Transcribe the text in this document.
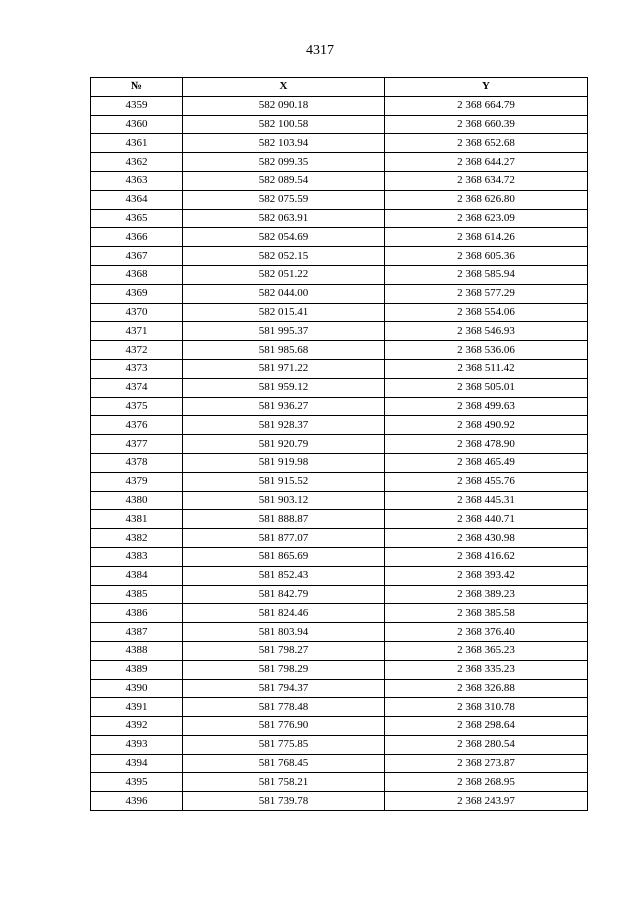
4317
№	X	Y
4359	582 090.18	2 368 664.79
4360	582 100.58	2 368 660.39
4361	582 103.94	2 368 652.68
4362	582 099.35	2 368 644.27
4363	582 089.54	2 368 634.72
4364	582 075.59	2 368 626.80
4365	582 063.91	2 368 623.09
4366	582 054.69	2 368 614.26
4367	582 052.15	2 368 605.36
4368	582 051.22	2 368 585.94
4369	582 044.00	2 368 577.29
4370	582 015.41	2 368 554.06
4371	581 995.37	2 368 546.93
4372	581 985.68	2 368 536.06
4373	581 971.22	2 368 511.42
4374	581 959.12	2 368 505.01
4375	581 936.27	2 368 499.63
4376	581 928.37	2 368 490.92
4377	581 920.79	2 368 478.90
4378	581 919.98	2 368 465.49
4379	581 915.52	2 368 455.76
4380	581 903.12	2 368 445.31
4381	581 888.87	2 368 440.71
4382	581 877.07	2 368 430.98
4383	581 865.69	2 368 416.62
4384	581 852.43	2 368 393.42
4385	581 842.79	2 368 389.23
4386	581 824.46	2 368 385.58
4387	581 803.94	2 368 376.40
4388	581 798.27	2 368 365.23
4389	581 798.29	2 368 335.23
4390	581 794.37	2 368 326.88
4391	581 778.48	2 368 310.78
4392	581 776.90	2 368 298.64
4393	581 775.85	2 368 280.54
4394	581 768.45	2 368 273.87
4395	581 758.21	2 368 268.95
4396	581 739.78	2 368 243.97
